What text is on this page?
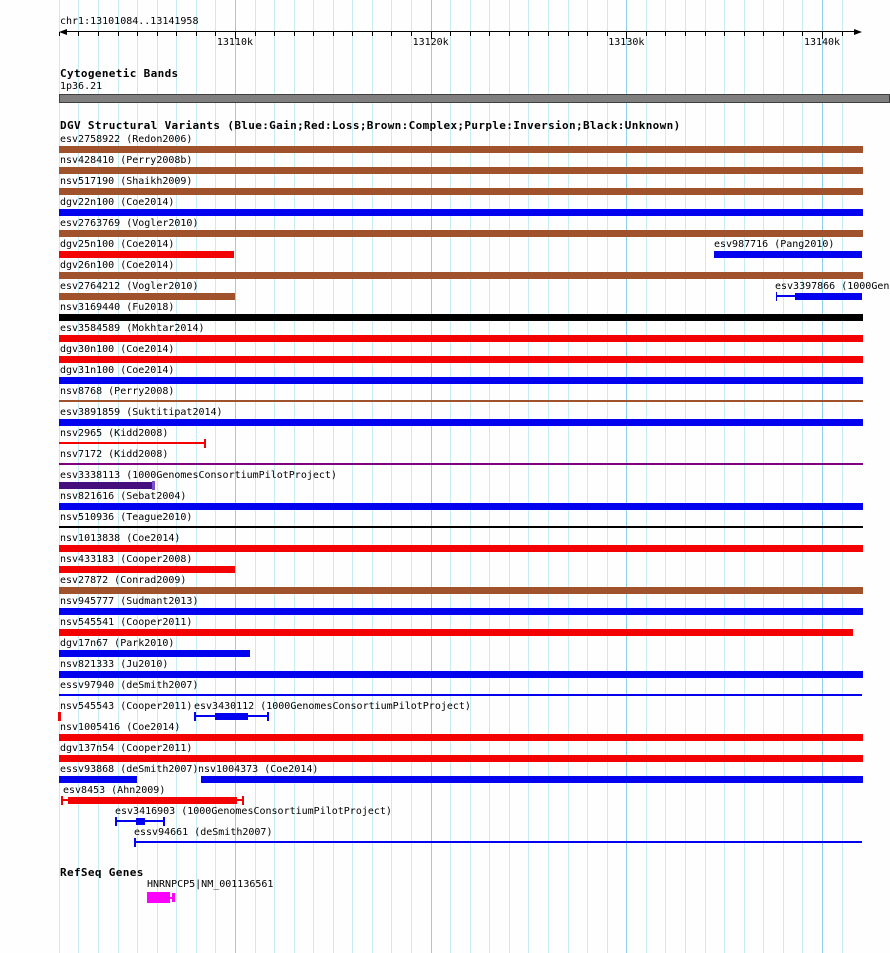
chr1:13101084..13141958
13110k	13120k	13130k	13140k
Cytogenetic Bands
1p36.21
DGV Structural Variants (Blue:Gain;Red:Loss;Brown:Complex;Purple:Inversion;Black:Unknown)
esv2758922 (Redon2006)
nsv428410 (Perry2008b)
nsv517190 (Shaikh2009)
dgv22n100 (Coe2014)
esv2763769 (Vogler2010)
dgv25n100 (Coe2014)	esv987716 (Pang2010)
dgv26n100 (Coe2014)
esv2764212 (Vogler2010)	esv3397866 (1000Gen
nsv3169440 (Fu2018)
esv3584589 (Mokhtar2014)
dgv30n100 (Coe2014)
dgv31n100 (Coe2014)
nsv8768 (Perry2008)
esv3891859 (Suktitipat2014)
nsv2965 (Kidd2008)
nsv7172 (Kidd2008)
esv3338113 (1000GenomesConsortiumPilotProject)
nsv821616 (Sebat2004)
nsv510936 (Teague2010)
nsv1013838 (Coe2014)
nsv433183 (Cooper2008)
esv27872 (Conrad2009)
nsv945777 (Sudmant2013)
nsv545541 (Cooper2011)
dgv17n67 (Park2010)
nsv821333 (Ju2010)
essv97940 (deSmith2007)
nsv545543 (Cooper2011) esv3430112 (1000GenomesConsortiumPilotProject)
nsv1005416 (Coe2014)
dgv137n54 (Cooper2011)
essv93868 (deSmith2007) nsv1004373 (Coe2014)
esv8453 (Ahn2009)
esv3416903 (1000GenomesConsortiumPilotProject)
essv94661 (deSmith2007)
RefSeq Genes
HNRNPCP5|NM_001136561
